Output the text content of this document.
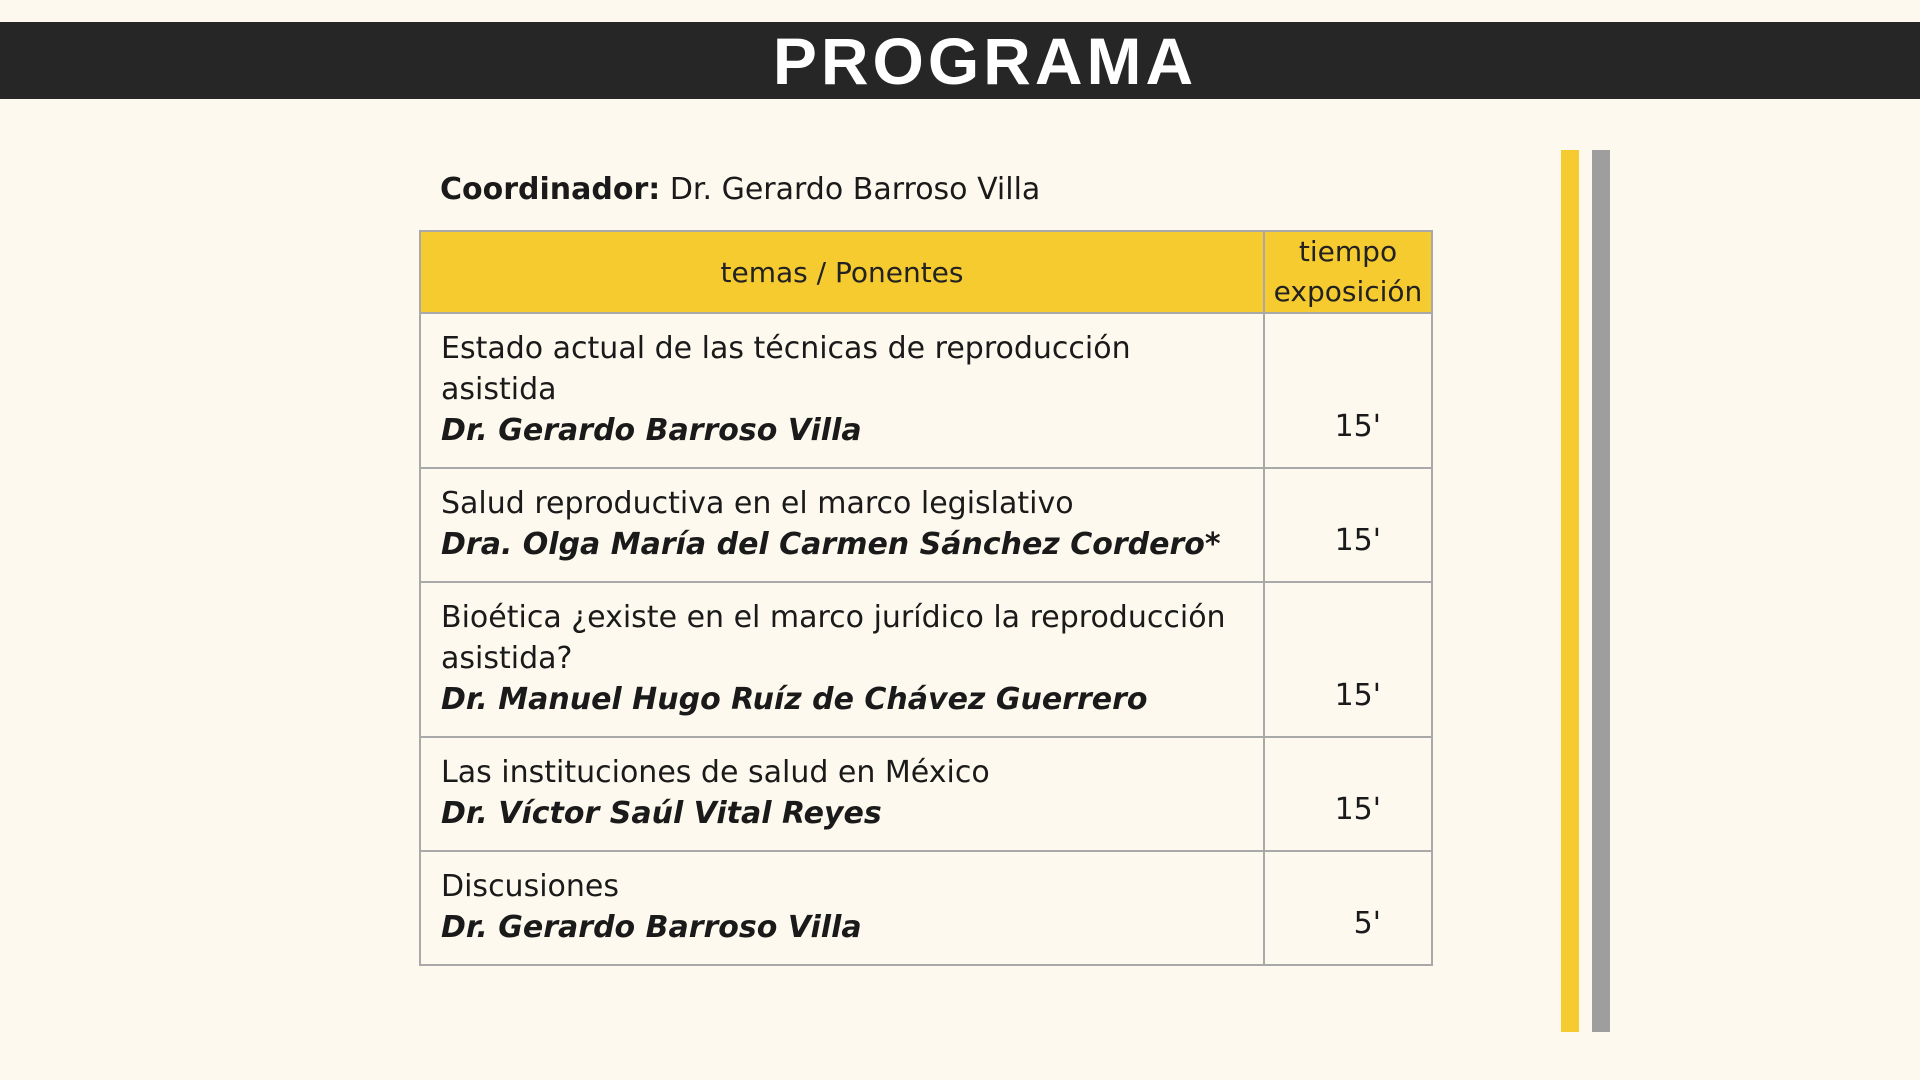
PROGRAMA
Coordinador: Dr. Gerardo Barroso Villa
temas / Ponentes	tiempo
exposición

Estado actual de las técnicas de reproducción asistida
Dr. Gerardo Barroso Villa	15'

Salud reproductiva en el marco legislativo
Dra. Olga María del Carmen Sánchez Cordero*	15'

Bioética ¿existe en el marco jurídico la reproducción asistida?
Dr. Manuel Hugo Ruíz de Chávez Guerrero	15'

Las instituciones de salud en México
Dr. Víctor Saúl Vital Reyes	15'

Discusiones
Dr. Gerardo Barroso Villa	5'
